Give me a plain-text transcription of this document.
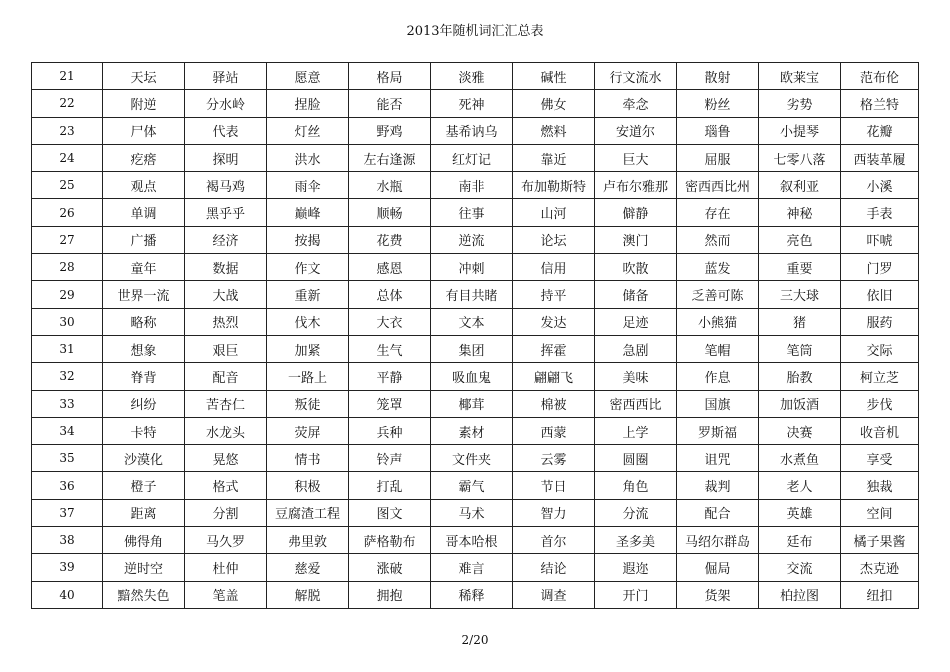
2013年随机词汇汇总表
21	天坛	驿站	愿意	格局	淡雅	碱性	行文流水	散射	欧莱宝	范布伦
22	附逆	分水岭	捏脸	能否	死神	佛女	牵念	粉丝	劣势	格兰特
23	尸体	代表	灯丝	野鸡	基希讷乌	燃料	安道尔	瑙鲁	小提琴	花瓣
24	疙瘩	探明	洪水	左右逢源	红灯记	靠近	巨大	屈服	七零八落	西装革履
25	观点	褐马鸡	雨伞	水瓶	南非	布加勒斯特	卢布尔雅那	密西西比州	叙利亚	小溪
26	单调	黑乎乎	巅峰	顺畅	往事	山河	僻静	存在	神秘	手表
27	广播	经济	按揭	花费	逆流	论坛	澳门	然而	亮色	吓唬
28	童年	数据	作文	感恩	冲刺	信用	吹散	蓝发	重要	门罗
29	世界一流	大战	重新	总体	有目共睹	持平	储备	乏善可陈	三大球	依旧
30	略称	热烈	伐木	大衣	文本	发达	足迹	小熊猫	猪	服药
31	想象	艰巨	加紧	生气	集团	挥霍	急剧	笔帽	笔筒	交际
32	脊背	配音	一路上	平静	吸血鬼	翩翩飞	美味	作息	胎教	柯立芝
33	纠纷	苦杏仁	叛徒	笼罩	椰茸	棉被	密西西比	国旗	加饭酒	步伐
34	卡特	水龙头	荧屏	兵种	素材	西蒙	上学	罗斯福	决赛	收音机
35	沙漠化	晃悠	情书	铃声	文件夹	云雾	圆圈	诅咒	水煮鱼	享受
36	橙子	格式	积极	打乱	霸气	节日	角色	裁判	老人	独裁
37	距离	分割	豆腐渣工程	图文	马术	智力	分流	配合	英雄	空间
38	佛得角	马久罗	弗里敦	萨格勒布	哥本哈根	首尔	圣多美	马绍尔群岛	廷布	橘子果酱
39	逆时空	杜仲	慈爱	涨破	难言	结论	遐迩	倔局	交流	杰克逊
40	黯然失色	笔盖	解脱	拥抱	稀释	调查	开门	货架	柏拉图	纽扣
2/20
